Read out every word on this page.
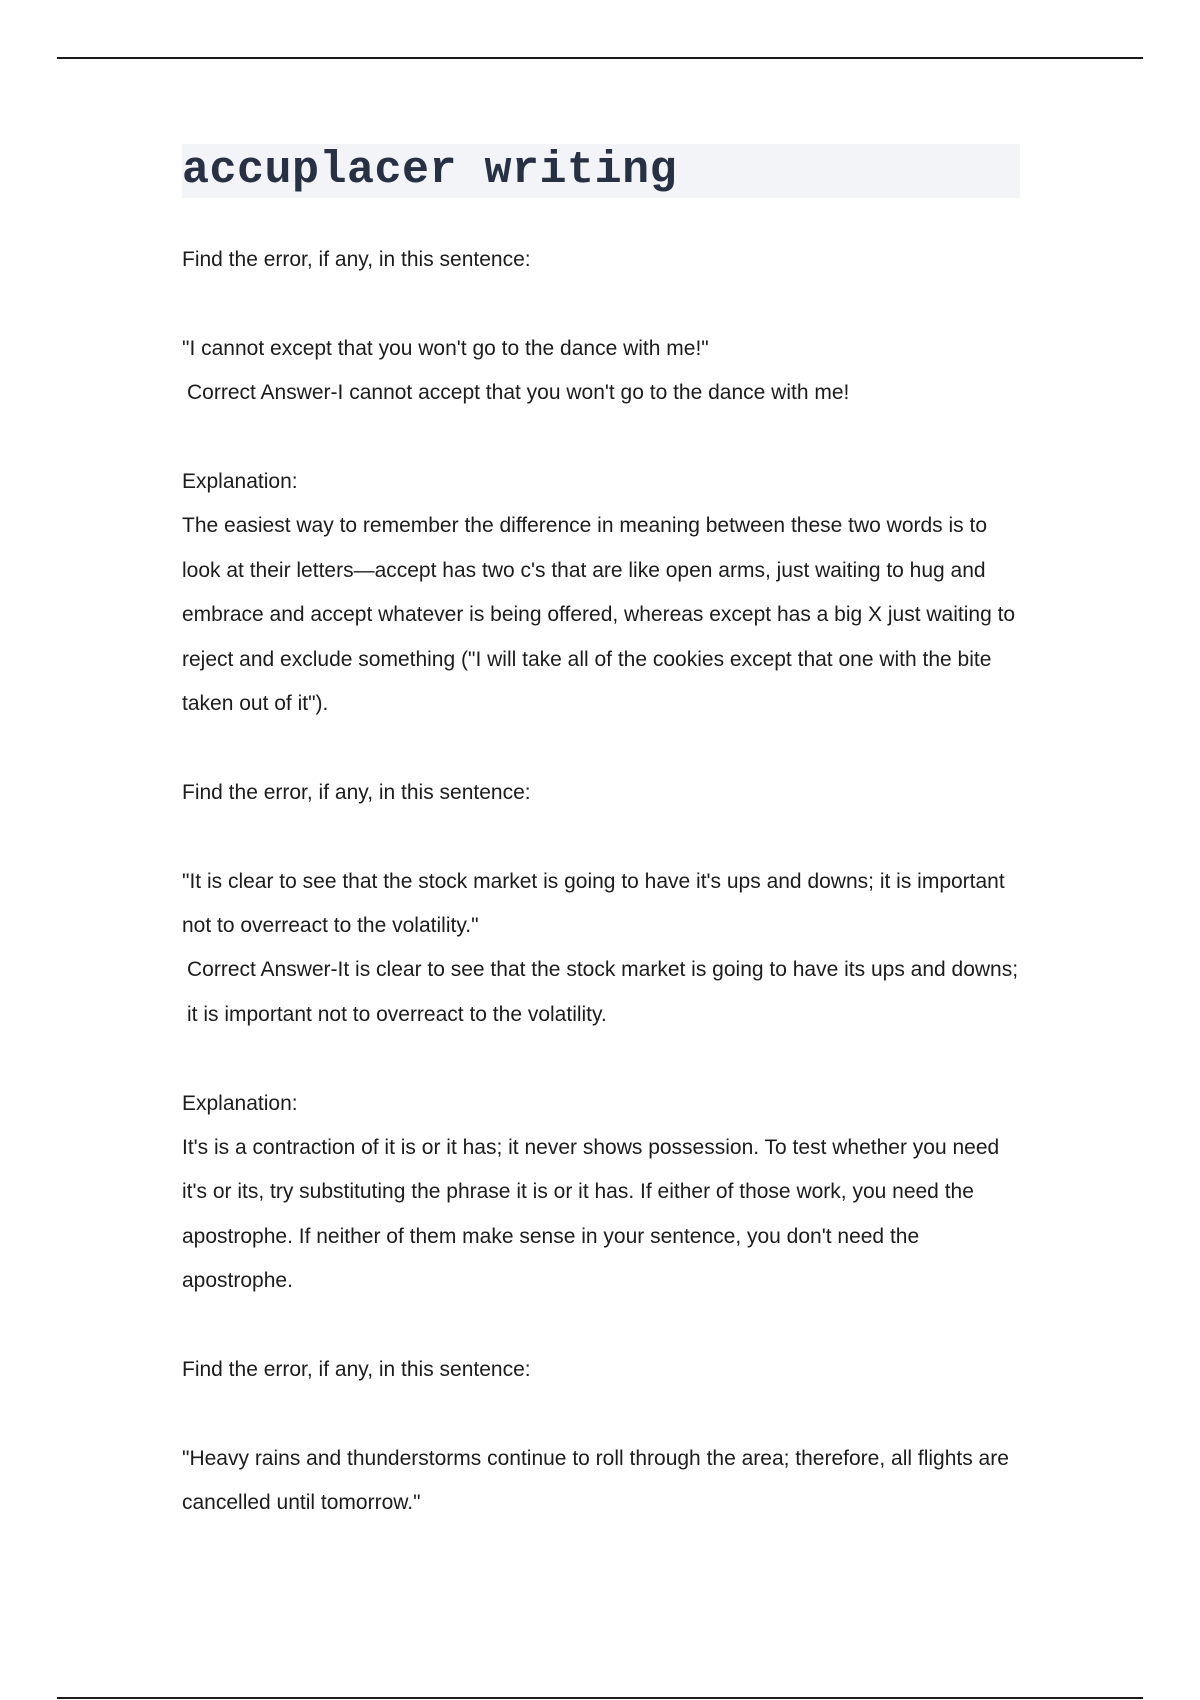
accuplacer writing

Find the error, if any, in this sentence:

"I cannot except that you won't go to the dance with me!"

Correct Answer-I cannot accept that you won't go to the dance with me!

Explanation:

The easiest way to remember the difference in meaning between these two words is to look at their letters—accept has two c's that are like open arms, just waiting to hug and embrace and accept whatever is being offered, whereas except has a big X just waiting to reject and exclude something ("I will take all of the cookies except that one with the bite taken out of it").

Find the error, if any, in this sentence:

"It is clear to see that the stock market is going to have it's ups and downs; it is important not to overreact to the volatility."

Correct Answer-It is clear to see that the stock market is going to have its ups and downs; it is important not to overreact to the volatility.

Explanation:

It's is a contraction of it is or it has; it never shows possession. To test whether you need it's or its, try substituting the phrase it is or it has. If either of those work, you need the apostrophe. If neither of them make sense in your sentence, you don't need the apostrophe.

Find the error, if any, in this sentence:

"Heavy rains and thunderstorms continue to roll through the area; therefore, all flights are cancelled until tomorrow."
